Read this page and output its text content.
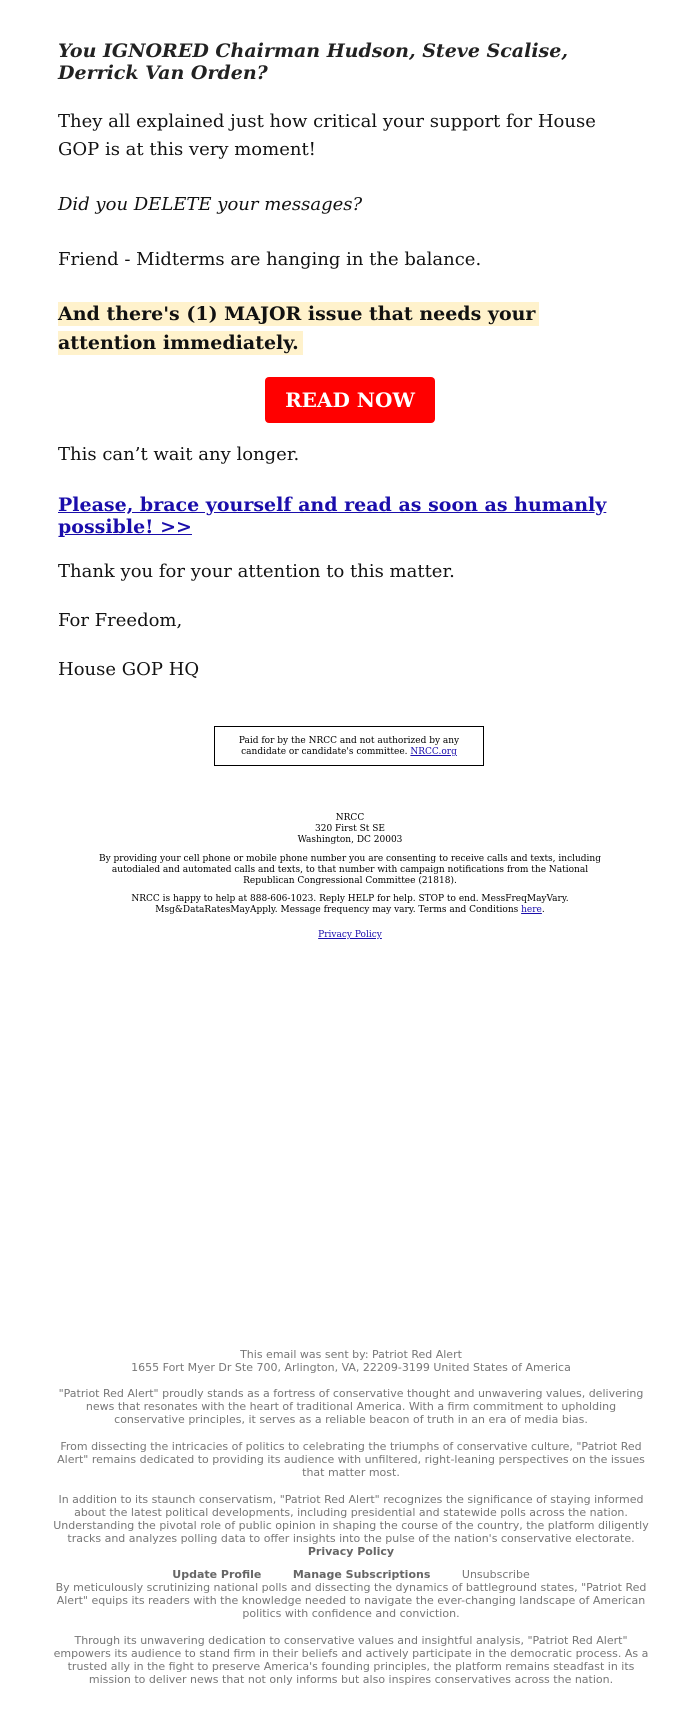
You IGNORED Chairman Hudson, Steve Scalise, Derrick Van Orden?

They all explained just how critical your support for House GOP is at this very moment!

Did you DELETE your messages?

Friend - Midterms are hanging in the balance.

And there's (1) MAJOR issue that needs your attention immediately.

READ NOW

This can’t wait any longer.

Please, brace yourself and read as soon as humanly possible! >>

Thank you for your attention to this matter.

For Freedom,

House GOP HQ

Paid for by the NRCC and not authorized by any candidate or candidate's committee. NRCC.org

NRCC

320 First St SE

Washington, DC 20003

By providing your cell phone or mobile phone number you are consenting to receive calls and texts, including autodialed and automated calls and texts, to that number with campaign notifications from the National Republican Congressional Committee (21818).

NRCC is happy to help at 888-606-1023. Reply HELP for help. STOP to end. MessFreqMayVary. Msg&DataRatesMayApply. Message frequency may vary. Terms and Conditions here.

Privacy Policy

This email was sent by: Patriot Red Alert

1655 Fort Myer Dr Ste 700, Arlington, VA, 22209-3199 United States of America

"Patriot Red Alert" proudly stands as a fortress of conservative thought and unwavering values, delivering news that resonates with the heart of traditional America. With a firm commitment to upholding conservative principles, it serves as a reliable beacon of truth in an era of media bias.

From dissecting the intricacies of politics to celebrating the triumphs of conservative culture, "Patriot Red Alert" remains dedicated to providing its audience with unfiltered, right-leaning perspectives on the issues that matter most.

In addition to its staunch conservatism, "Patriot Red Alert" recognizes the significance of staying informed about the latest political developments, including presidential and statewide polls across the nation. Understanding the pivotal role of public opinion in shaping the course of the country, the platform diligently tracks and analyzes polling data to offer insights into the pulse of the nation's conservative electorate.

Privacy Policy

Update Profile	Manage Subscriptions	Unsubscribe

By meticulously scrutinizing national polls and dissecting the dynamics of battleground states, "Patriot Red Alert" equips its readers with the knowledge needed to navigate the ever-changing landscape of American politics with confidence and conviction.

Through its unwavering dedication to conservative values and insightful analysis, "Patriot Red Alert" empowers its audience to stand firm in their beliefs and actively participate in the democratic process. As a trusted ally in the fight to preserve America's founding principles, the platform remains steadfast in its mission to deliver news that not only informs but also inspires conservatives across the nation.
